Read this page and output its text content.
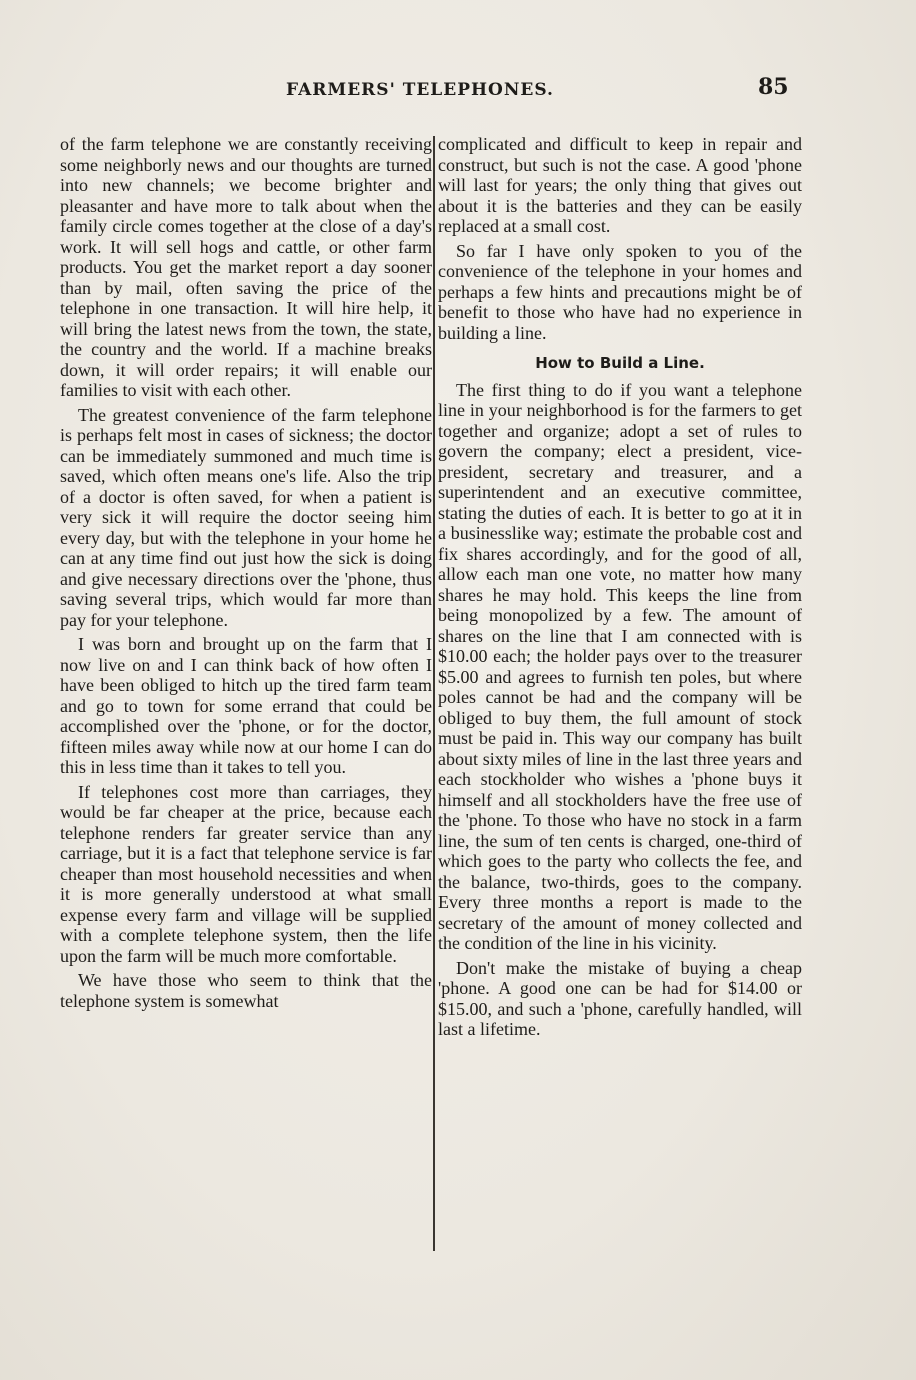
FARMERS' TELEPHONES.	85

of the farm telephone we are constantly receiving some neighborly news and our thoughts are turned into new channels; we become brighter and pleasanter and have more to talk about when the family circle comes together at the close of a day's work. It will sell hogs and cattle, or other farm products. You get the market report a day sooner than by mail, often saving the price of the telephone in one transaction. It will hire help, it will bring the latest news from the town, the state, the country and the world. If a machine breaks down, it will order repairs; it will enable our families to visit with each other.

The greatest convenience of the farm telephone is perhaps felt most in cases of sickness; the doctor can be immediately summoned and much time is saved, which often means one's life. Also the trip of a doctor is often saved, for when a patient is very sick it will require the doctor seeing him every day, but with the telephone in your home he can at any time find out just how the sick is doing and give necessary directions over the 'phone, thus saving several trips, which would far more than pay for your telephone.

I was born and brought up on the farm that I now live on and I can think back of how often I have been obliged to hitch up the tired farm team and go to town for some errand that could be accomplished over the 'phone, or for the doctor, fifteen miles away while now at our home I can do this in less time than it takes to tell you.

If telephones cost more than carriages, they would be far cheaper at the price, because each telephone renders far greater service than any carriage, but it is a fact that telephone service is far cheaper than most household necessities and when it is more generally understood at what small expense every farm and village will be supplied with a complete telephone system, then the life upon the farm will be much more comfortable.

We have those who seem to think that the telephone system is somewhat

complicated and difficult to keep in repair and construct, but such is not the case. A good 'phone will last for years; the only thing that gives out about it is the batteries and they can be easily replaced at a small cost.

So far I have only spoken to you of the convenience of the telephone in your homes and perhaps a few hints and precautions might be of benefit to those who have had no experience in building a line.

How to Build a Line.

The first thing to do if you want a telephone line in your neighborhood is for the farmers to get together and organize; adopt a set of rules to govern the company; elect a president, vice-president, secretary and treasurer, and a superintendent and an executive committee, stating the duties of each. It is better to go at it in a businesslike way; estimate the probable cost and fix shares accordingly, and for the good of all, allow each man one vote, no matter how many shares he may hold. This keeps the line from being monopolized by a few. The amount of shares on the line that I am connected with is $10.00 each; the holder pays over to the treasurer $5.00 and agrees to furnish ten poles, but where poles cannot be had and the company will be obliged to buy them, the full amount of stock must be paid in. This way our company has built about sixty miles of line in the last three years and each stockholder who wishes a 'phone buys it himself and all stockholders have the free use of the 'phone. To those who have no stock in a farm line, the sum of ten cents is charged, one-third of which goes to the party who collects the fee, and the balance, two-thirds, goes to the company. Every three months a report is made to the secretary of the amount of money collected and the condition of the line in his vicinity.

Don't make the mistake of buying a cheap 'phone. A good one can be had for $14.00 or $15.00, and such a 'phone, carefully handled, will last a lifetime.
